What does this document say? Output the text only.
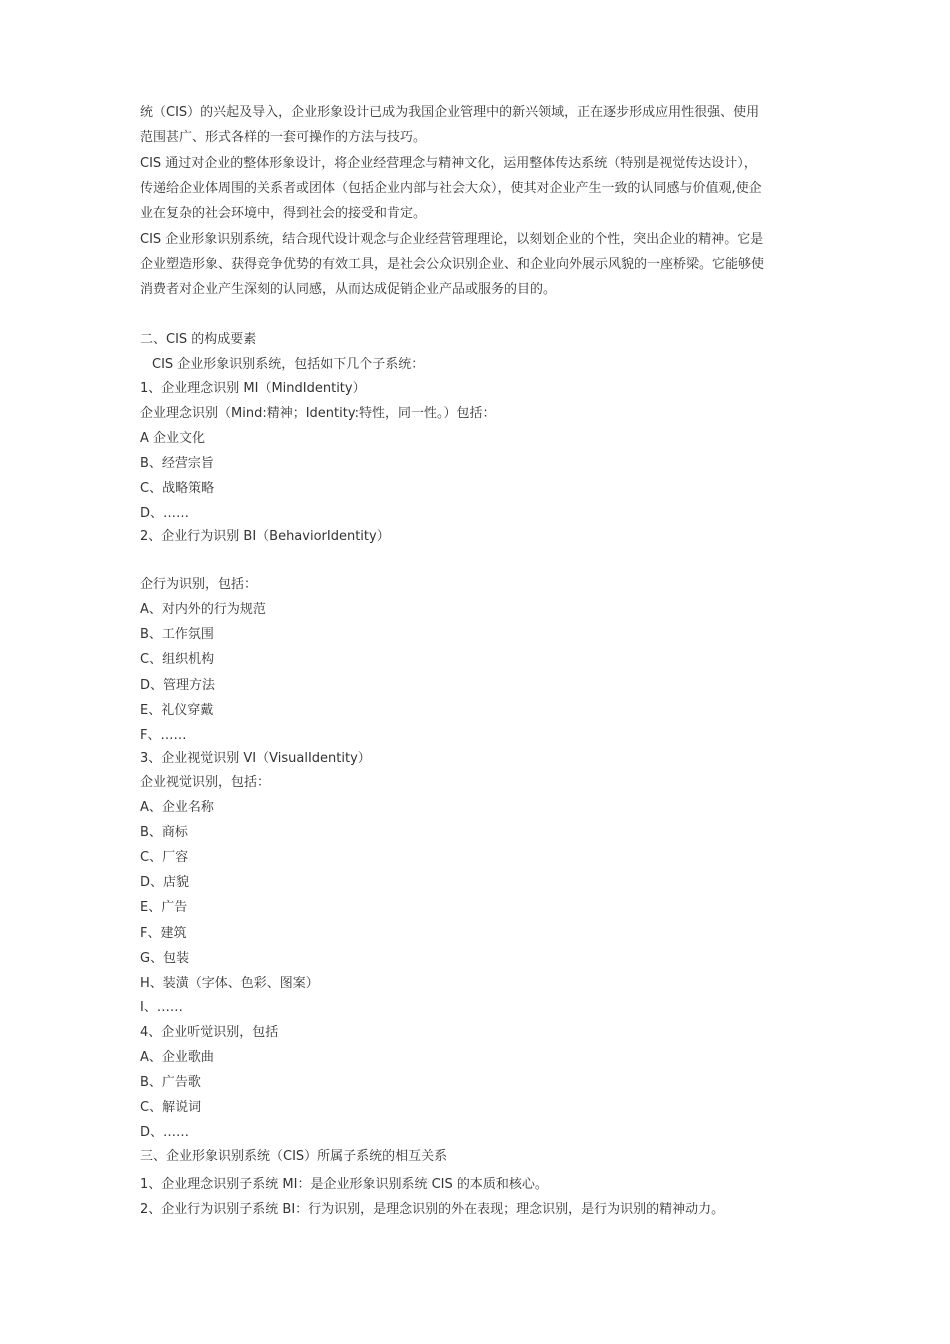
统（CIS）的兴起及导入，企业形象设计已成为我国企业管理中的新兴领域，正在逐步形成应用性很强、使用
范围甚广、形式各样的一套可操作的方法与技巧。
CIS 通过对企业的整体形象设计，将企业经营理念与精神文化，运用整体传达系统（特别是视觉传达设计），
传递给企业体周围的关系者或团体（包括企业内部与社会大众），使其对企业产生一致的认同感与价值观,使企
业在复杂的社会环境中，得到社会的接受和肯定。
CIS 企业形象识别系统，结合现代设计观念与企业经营管理理论，以刻划企业的个性，突出企业的精神。它是
企业塑造形象、获得竞争优势的有效工具，是社会公众识别企业、和企业向外展示风貌的一座桥梁。它能够使
消费者对企业产生深刻的认同感，从而达成促销企业产品或服务的目的。
二、CIS 的构成要素
CIS 企业形象识别系统，包括如下几个子系统：
1、企业理念识别 MI（MindIdentity）
企业理念识别（Mind:精神；Identity:特性，同一性。）包括：
A 企业文化
B、经营宗旨
C、战略策略
D、……
2、企业行为识别 BI（BehaviorIdentity）
企行为识别，包括：
A、对内外的行为规范
B、工作氛围
C、组织机构
D、管理方法
E、礼仪穿戴
F、……
3、企业视觉识别 VI（VisualIdentity）
企业视觉识别，包括：
A、企业名称
B、商标
C、厂容
D、店貌
E、广告
F、建筑
G、包装
H、装潢（字体、色彩、图案）
I、……
4、企业听觉识别，包括
A、企业歌曲
B、广告歌
C、解说词
D、……
三、企业形象识别系统（CIS）所属子系统的相互关系
1、企业理念识别子系统 MI：是企业形象识别系统 CIS 的本质和核心。
2、企业行为识别子系统 BI：行为识别，是理念识别的外在表现；理念识别，是行为识别的精神动力。
